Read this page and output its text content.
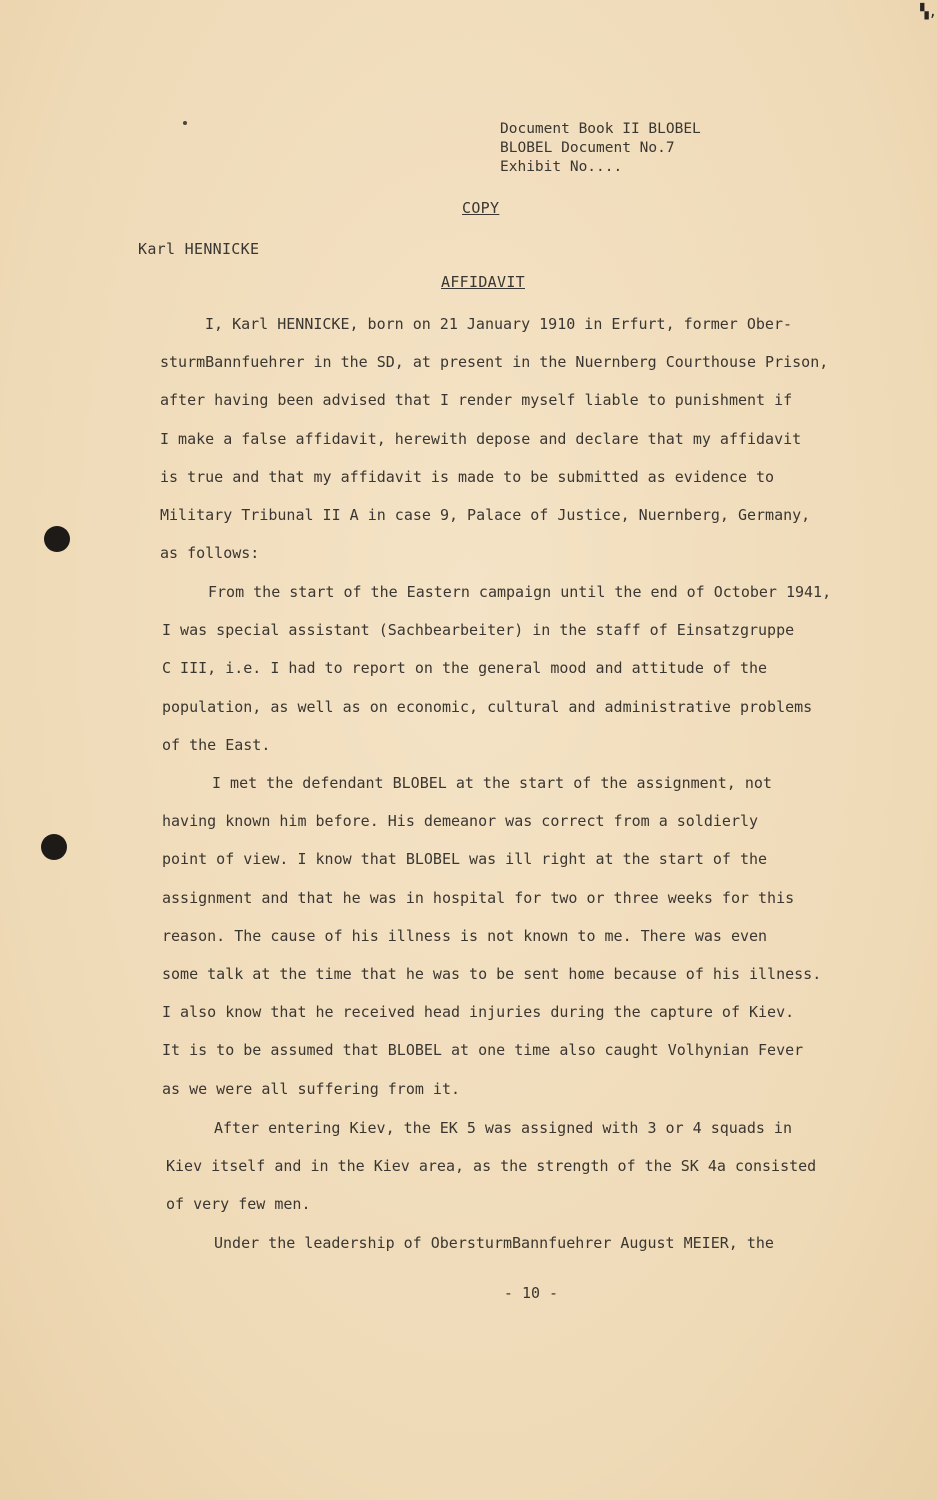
▚,
Document Book II BLOBEL
BLOBEL Document No.7
Exhibit No....
COPY
Karl HENNICKE
AFFIDAVIT
I, Karl HENNICKE, born on 21 January 1910 in Erfurt, former Ober-
sturmBannfuehrer in the SD, at present in the Nuernberg Courthouse Prison,
after having been advised that I render myself liable to punishment if
I make a false affidavit, herewith depose and declare that my affidavit
is true and that my affidavit is made to be submitted as evidence to
Military Tribunal II A in case 9, Palace of Justice, Nuernberg, Germany,
as follows:
From the start of the Eastern campaign until the end of October 1941,
I was special assistant (Sachbearbeiter) in the staff of Einsatzgruppe
C III, i.e. I had to report on the general mood and attitude of the
population, as well as on economic, cultural and administrative problems
of the East.
I met the defendant BLOBEL at the start of the assignment, not
having known him before. His demeanor was correct from a soldierly
point of view. I know that BLOBEL was ill right at the start of the
assignment and that he was in hospital for two or three weeks for this
reason. The cause of his illness is not known to me. There was even
some talk at the time that he was to be sent home because of his illness.
I also know that he received head injuries during the capture of Kiev.
It is to be assumed that BLOBEL at one time also caught Volhynian Fever
as we were all suffering from it.
After entering Kiev, the EK 5 was assigned with 3 or 4 squads in
Kiev itself and in the Kiev area, as the strength of the SK 4a consisted
of very few men.
Under the leadership of ObersturmBannfuehrer August MEIER, the
- 10 -
